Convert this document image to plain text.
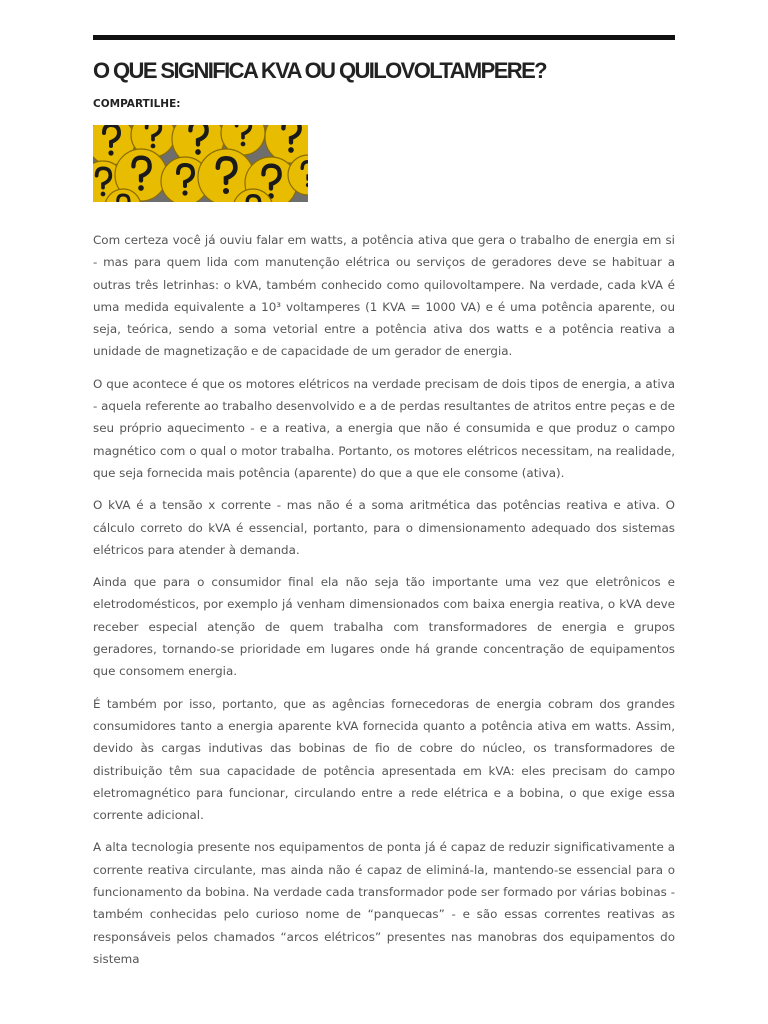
O QUE SIGNIFICA KVA OU QUILOVOLTAMPERE?
COMPARTILHE:

Com certeza você já ouviu falar em watts, a potência ativa que gera o trabalho de energia em si - mas para quem lida com manutenção elétrica ou serviços de geradores deve se habituar a outras três letrinhas: o kVA, também conhecido como quilovoltampere. Na verdade, cada kVA é uma medida equivalente a 10³ voltamperes (1 KVA = 1000 VA) e é uma potência aparente, ou seja, teórica, sendo a soma vetorial entre a potência ativa dos watts e a potência reativa a unidade de magnetização e de capacidade de um gerador de energia.

O que acontece é que os motores elétricos na verdade precisam de dois tipos de energia, a ativa - aquela referente ao trabalho desenvolvido e a de perdas resultantes de atritos entre peças e de seu próprio aquecimento - e a reativa, a energia que não é consumida e que produz o campo magnético com o qual o motor trabalha. Portanto, os motores elétricos necessitam, na realidade, que seja fornecida mais potência (aparente) do que a que ele consome (ativa).

O kVA é a tensão x corrente - mas não é a soma aritmética das potências reativa e ativa. O cálculo correto do kVA é essencial, portanto, para o dimensionamento adequado dos sistemas elétricos para atender à demanda.

Ainda que para o consumidor final ela não seja tão importante uma vez que eletrônicos e eletrodomésticos, por exemplo já venham dimensionados com baixa energia reativa, o kVA deve receber especial atenção de quem trabalha com transformadores de energia e grupos geradores, tornando-se prioridade em lugares onde há grande concentração de equipamentos que consomem energia.

É também por isso, portanto, que as agências fornecedoras de energia cobram dos grandes consumidores tanto a energia aparente kVA fornecida quanto a potência ativa em watts. Assim, devido às cargas indutivas das bobinas de fio de cobre do núcleo, os transformadores de distribuição têm sua capacidade de potência apresentada em kVA: eles precisam do campo eletromagnético para funcionar, circulando entre a rede elétrica e a bobina, o que exige essa corrente adicional.

A alta tecnologia presente nos equipamentos de ponta já é capaz de reduzir significativamente a corrente reativa circulante, mas ainda não é capaz de eliminá-la, mantendo-se essencial para o funcionamento da bobina. Na verdade cada transformador pode ser formado por várias bobinas - também conhecidas pelo curioso nome de “panquecas” - e são essas correntes reativas as responsáveis pelos chamados “arcos elétricos” presentes nas manobras dos equipamentos do sistema
